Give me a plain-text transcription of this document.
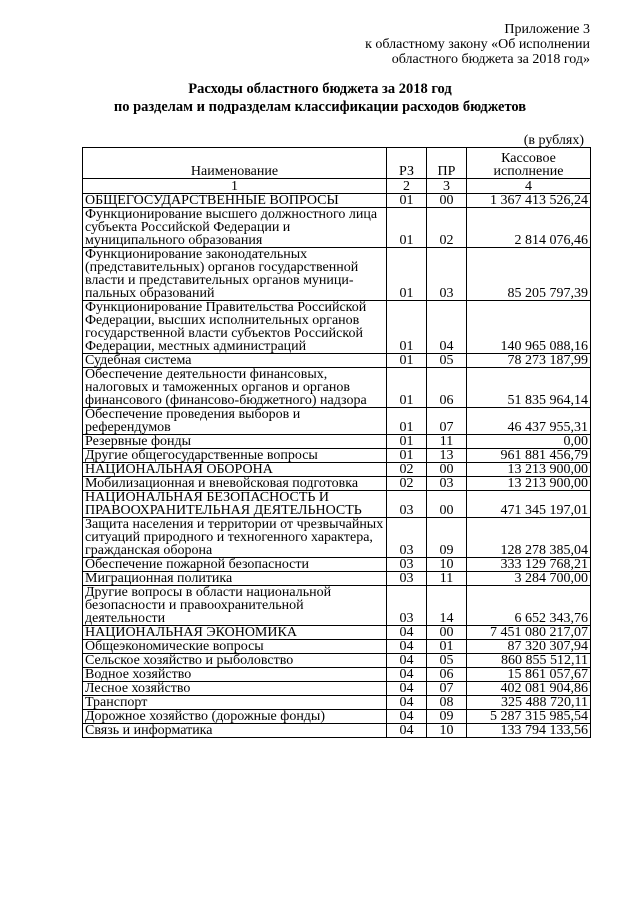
Приложение 3
к областному закону «Об исполнении
областного бюджета за 2018 год»
Расходы областного бюджета за 2018 год
по разделам и подразделам классификации расходов бюджетов
(в рублях)
Наименование	РЗ	ПР	Кассовое исполнение
1	2	3	4
ОБЩЕГОСУДАРСТВЕННЫЕ ВОПРОСЫ	01	00	1 367 413 526,24
Функционирование высшего должностного лица субъекта Российской Федерации и муниципального образования	01	02	2 814 076,46
Функционирование законодательных (представительных) органов государственной власти и представительных органов муници-пальных образований	01	03	85 205 797,39
Функционирование Правительства Российской Федерации, высших исполнительных органов государственной власти субъектов Российской Федерации, местных администраций	01	04	140 965 088,16
Судебная система	01	05	78 273 187,99
Обеспечение деятельности финансовых, налоговых и таможенных органов и органов финансового (финансово-бюджетного) надзора	01	06	51 835 964,14
Обеспечение проведения выборов и референдумов	01	07	46 437 955,31
Резервные фонды	01	11	0,00
Другие общегосударственные вопросы	01	13	961 881 456,79
НАЦИОНАЛЬНАЯ ОБОРОНА	02	00	13 213 900,00
Мобилизационная и вневойсковая подготовка	02	03	13 213 900,00
НАЦИОНАЛЬНАЯ БЕЗОПАСНОСТЬ И ПРАВООХРАНИТЕЛЬНАЯ ДЕЯТЕЛЬНОСТЬ	03	00	471 345 197,01
Защита населения и территории от чрезвычайных ситуаций природного и техногенного характера, гражданская оборона	03	09	128 278 385,04
Обеспечение пожарной безопасности	03	10	333 129 768,21
Миграционная политика	03	11	3 284 700,00
Другие вопросы в области национальной безопасности и правоохранительной деятельности	03	14	6 652 343,76
НАЦИОНАЛЬНАЯ ЭКОНОМИКА	04	00	7 451 080 217,07
Общеэкономические вопросы	04	01	87 320 307,94
Сельское хозяйство и рыболовство	04	05	860 855 512,11
Водное хозяйство	04	06	15 861 057,67
Лесное хозяйство	04	07	402 081 904,86
Транспорт	04	08	325 488 720,11
Дорожное хозяйство (дорожные фонды)	04	09	5 287 315 985,54
Связь и информатика	04	10	133 794 133,56
